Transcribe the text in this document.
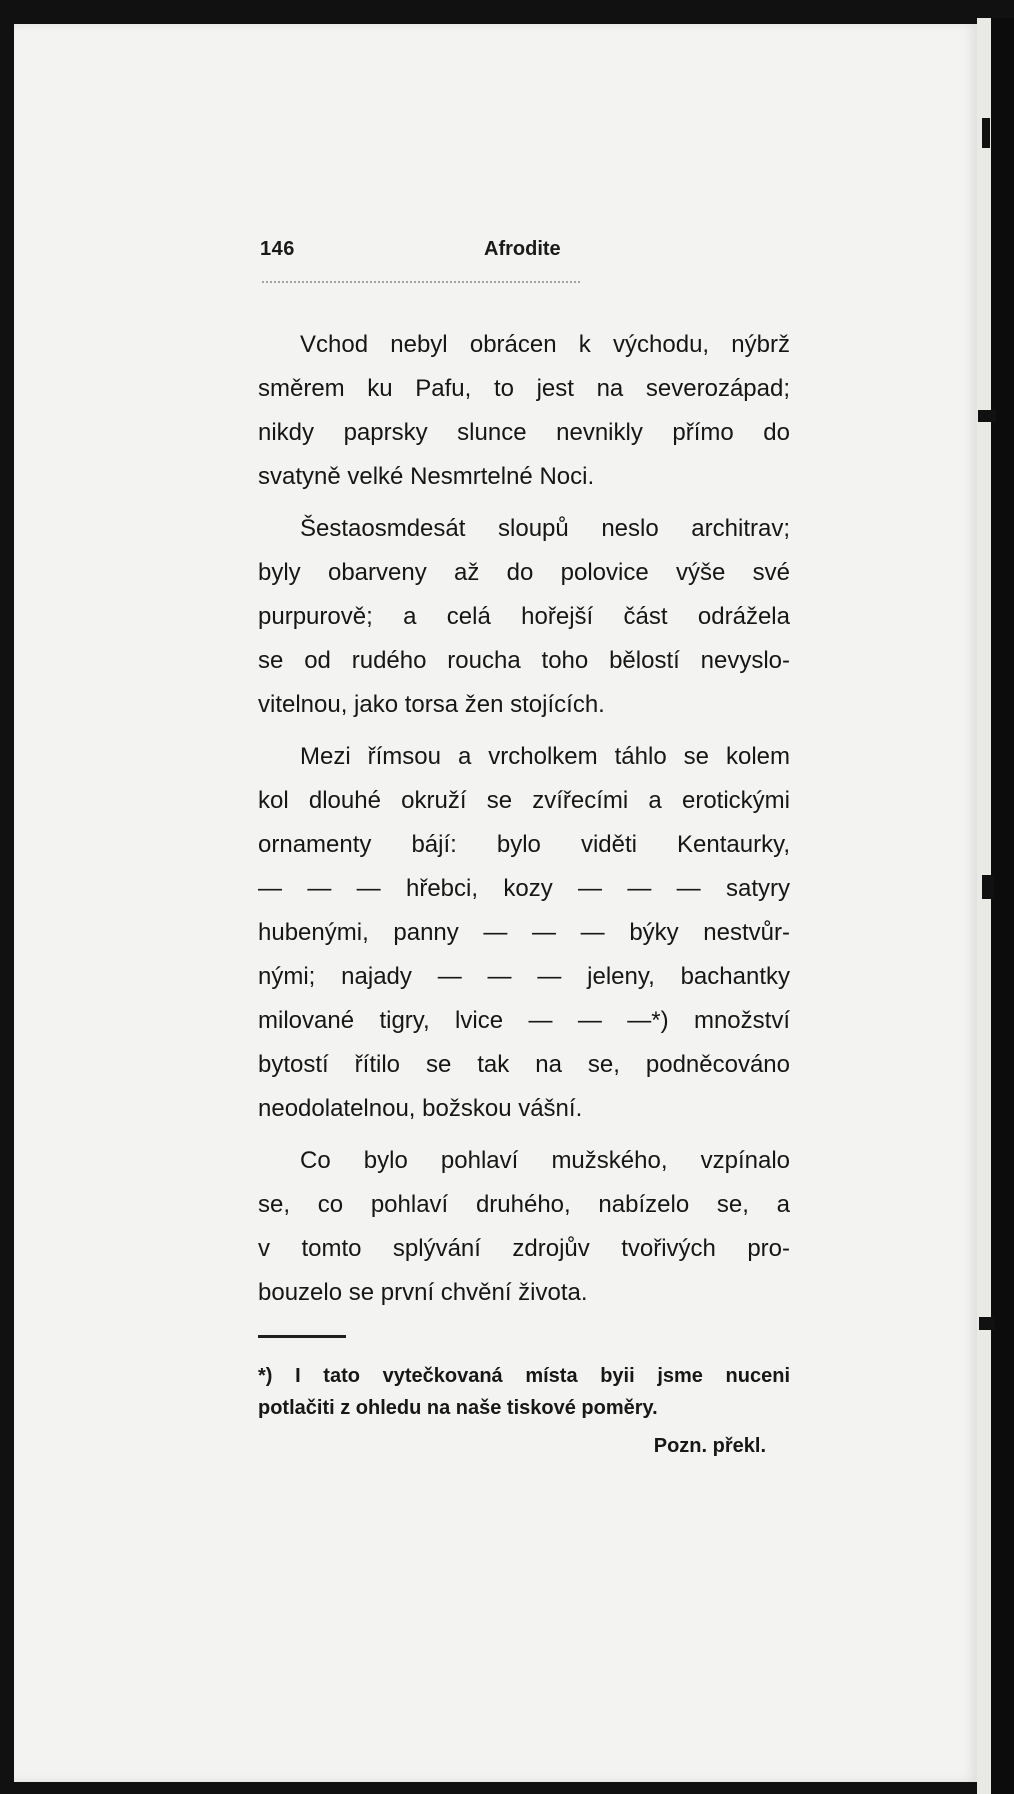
146	Afrodite
Vchod nebyl obrácen k východu, nýbrž
směrem ku Pafu, to jest na severozápad;
nikdy paprsky slunce nevnikly přímo do
svatyně velké Nesmrtelné Noci.
Šestaosmdesát sloupů neslo architrav;
byly obarveny až do polovice výše své
purpurově; a celá hořejší část odrážela
se od rudého roucha toho bělostí nevyslo-
vitelnou, jako torsa žen stojících.
Mezi římsou a vrcholkem táhlo se kolem
kol dlouhé okruží se zvířecími a erotickými
ornamenty bájí: bylo viděti Kentaurky,
— — — hřebci, kozy — — — satyry
hubenými, panny — — — býky nestvůr-
nými; najady — — — jeleny, bachantky
milované tigry, lvice — — —*) množství
bytostí řítilo se tak na se, podněcováno
neodolatelnou, božskou vášní.
Co bylo pohlaví mužského, vzpínalo
se, co pohlaví druhého, nabízelo se, a
v tomto splývání zdrojův tvořivých pro-
bouzelo se první chvění života.
*) I tato vytečkovaná místa byii jsme nuceni
potlačiti z ohledu na naše tiskové poměry.
Pozn. překl.
